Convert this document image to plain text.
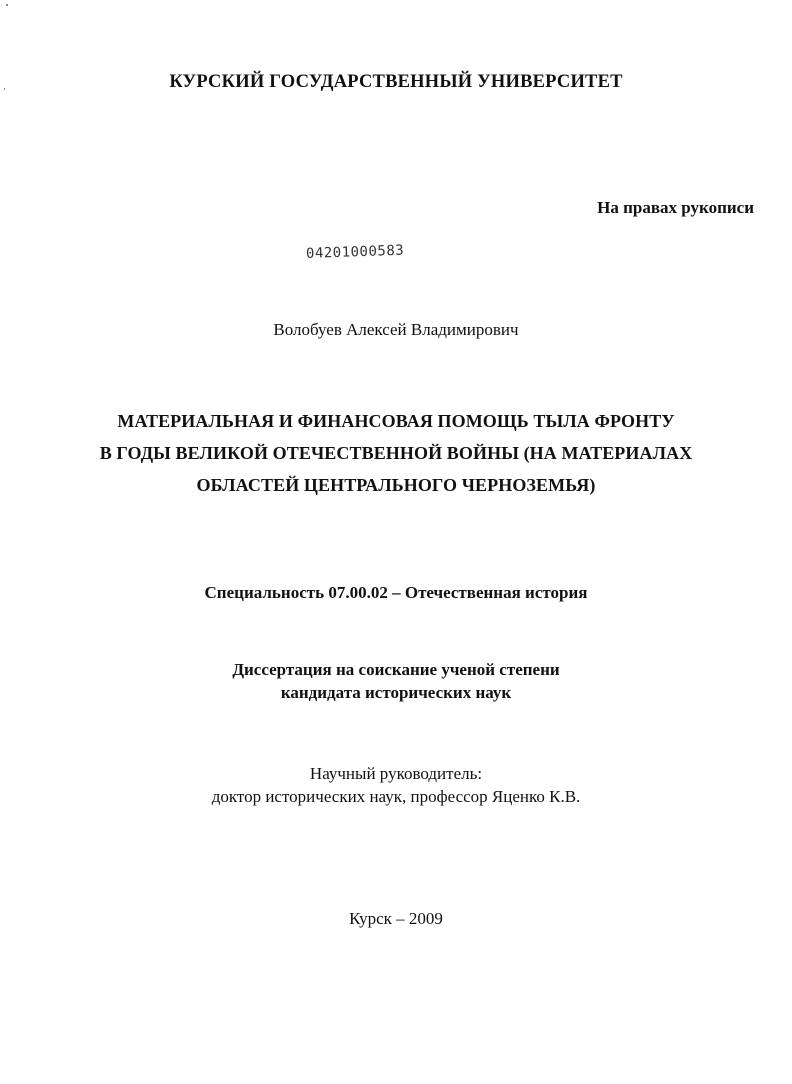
КУРСКИЙ ГОСУДАРСТВЕННЫЙ УНИВЕРСИТЕТ
На правах рукописи
04201000583
Волобуев Алексей Владимирович
МАТЕРИАЛЬНАЯ И ФИНАНСОВАЯ ПОМОЩЬ ТЫЛА ФРОНТУ
В ГОДЫ ВЕЛИКОЙ ОТЕЧЕСТВЕННОЙ ВОЙНЫ (НА МАТЕРИАЛАХ
ОБЛАСТЕЙ ЦЕНТРАЛЬНОГО ЧЕРНОЗЕМЬЯ)
Специальность 07.00.02 – Отечественная история
Диссертация на соискание ученой степени
кандидата исторических наук
Научный руководитель:
доктор исторических наук, профессор Яценко К.В.
Курск – 2009
